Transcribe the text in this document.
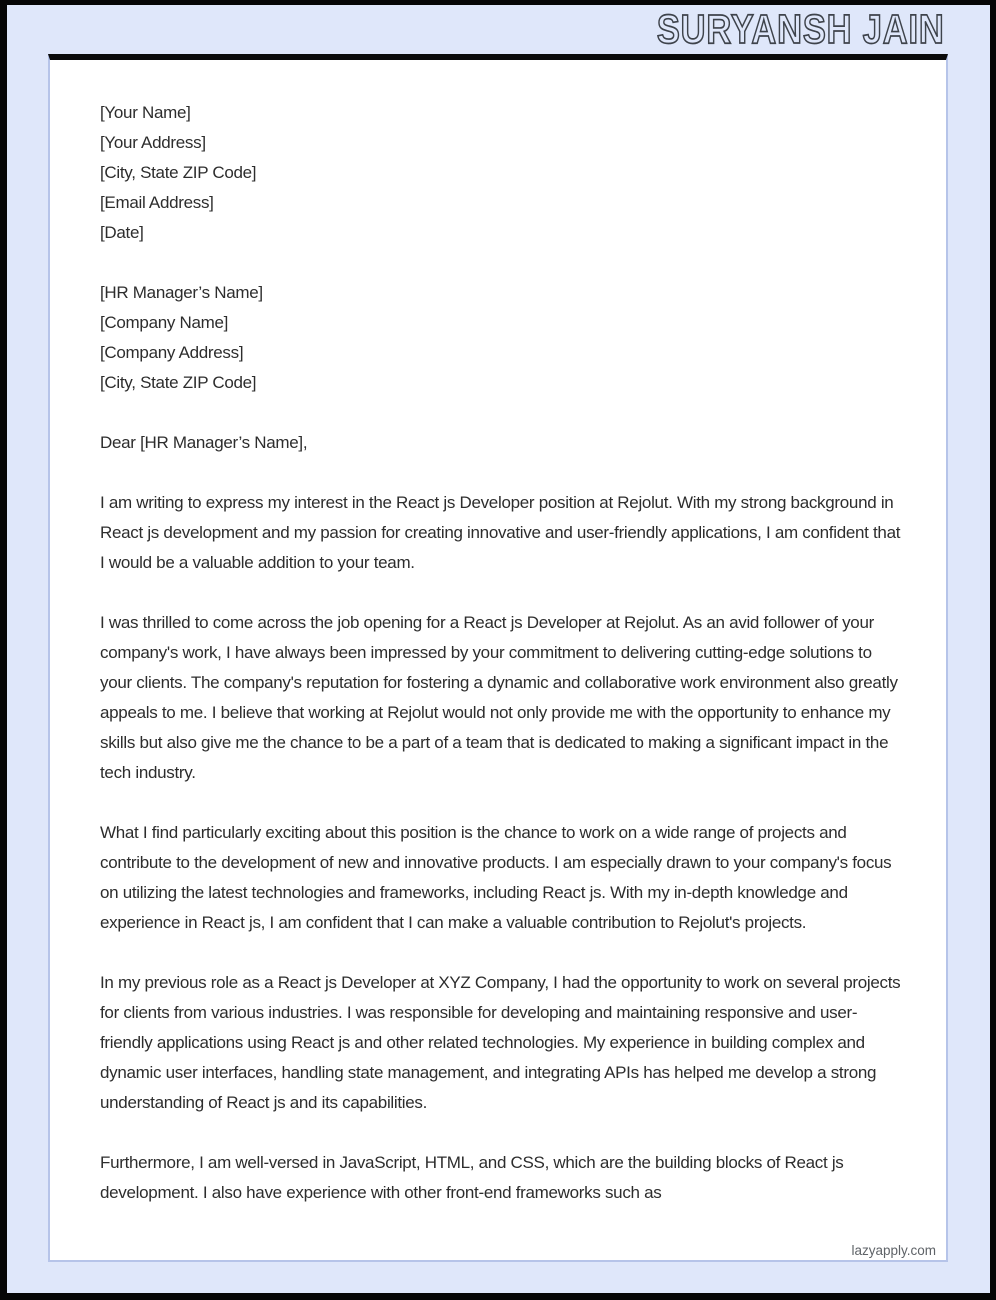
SURYANSH JAIN
[Your Name]
[Your Address]
[City, State ZIP Code]
[Email Address]
[Date]
[HR Manager’s Name]
[Company Name]
[Company Address]
[City, State ZIP Code]
Dear [HR Manager’s Name],
I am writing to express my interest in the React js Developer position at Rejolut. With my strong background in React js development and my passion for creating innovative and user-friendly applications, I am confident that I would be a valuable addition to your team.
I was thrilled to come across the job opening for a React js Developer at Rejolut. As an avid follower of your company's work, I have always been impressed by your commitment to delivering cutting-edge solutions to your clients. The company's reputation for fostering a dynamic and collaborative work environment also greatly appeals to me. I believe that working at Rejolut would not only provide me with the opportunity to enhance my skills but also give me the chance to be a part of a team that is dedicated to making a significant impact in the tech industry.
What I find particularly exciting about this position is the chance to work on a wide range of projects and contribute to the development of new and innovative products. I am especially drawn to your company's focus on utilizing the latest technologies and frameworks, including React js. With my in-depth knowledge and experience in React js, I am confident that I can make a valuable contribution to Rejolut's projects.
In my previous role as a React js Developer at XYZ Company, I had the opportunity to work on several projects for clients from various industries. I was responsible for developing and maintaining responsive and user-friendly applications using React js and other related technologies. My experience in building complex and dynamic user interfaces, handling state management, and integrating APIs has helped me develop a strong understanding of React js and its capabilities.
Furthermore, I am well-versed in JavaScript, HTML, and CSS, which are the building blocks of React js development. I also have experience with other front-end frameworks such as
lazyapply.com
